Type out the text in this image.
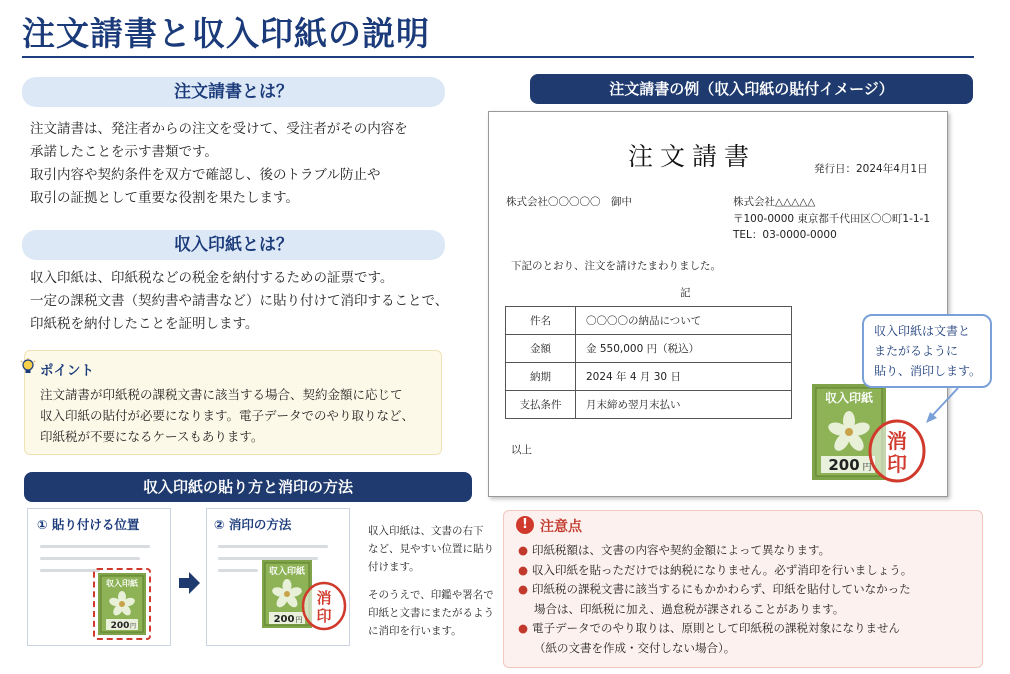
注文請書と収入印紙の説明
注文請書とは？

注文請書は、発注者からの注文を受けて、受注者がその内容を

承諾したことを示す書類です。

取引内容や契約条件を双方で確認し、後のトラブル防止や

取引の証拠として重要な役割を果たします。

収入印紙とは？

収入印紙は、印紙税などの税金を納付するための証票です。

一定の課税文書（契約書や請書など）に貼り付けて消印することで、

印紙税を納付したことを証明します。

ポイント

注文請書が印紙税の課税文書に該当する場合、契約金額に応じて

収入印紙の貼付が必要になります。電子データでのやり取りなど、

印紙税が不要になるケースもあります。

収入印紙の貼り方と消印の方法
① 貼り付ける位置
収入印紙
200 円
② 消印の方法
収入印紙
200 円
消
印

収入印紙は、文書の右下

など、見やすい位置に貼り

付けます。

そのうえで、印鑑や署名で

印紙と文書にまたがるよう

に消印を行います。

注文請書の例（収入印紙の貼付イメージ）
注文請書	発行日：2024年4月1日
株式会社〇〇〇〇〇　御中	株式会社△△△△△
〒100-0000 東京都千代田区〇〇町1-1-1
TEL：03-0000-0000
下記のとおり、注文を請けたまわりました。
記
件名	〇〇〇〇の納品について
金額	金 550,000 円（税込）
納期	2024 年 4 月 30 日
支払条件	月末締め翌月末払い
以上
収入印紙
200 円
消
印

収入印紙は文書と

またがるように

貼り、消印します。

! 注意点
● 印紙税額は、文書の内容や契約金額によって異なります。
● 収入印紙を貼っただけでは納税になりません。必ず消印を行いましょう。
● 印紙税の課税文書に該当するにもかかわらず、印紙を貼付していなかった
場合は、印紙税に加え、過怠税が課されることがあります。
● 電子データでのやり取りは、原則として印紙税の課税対象になりません
（紙の文書を作成・交付しない場合）。
